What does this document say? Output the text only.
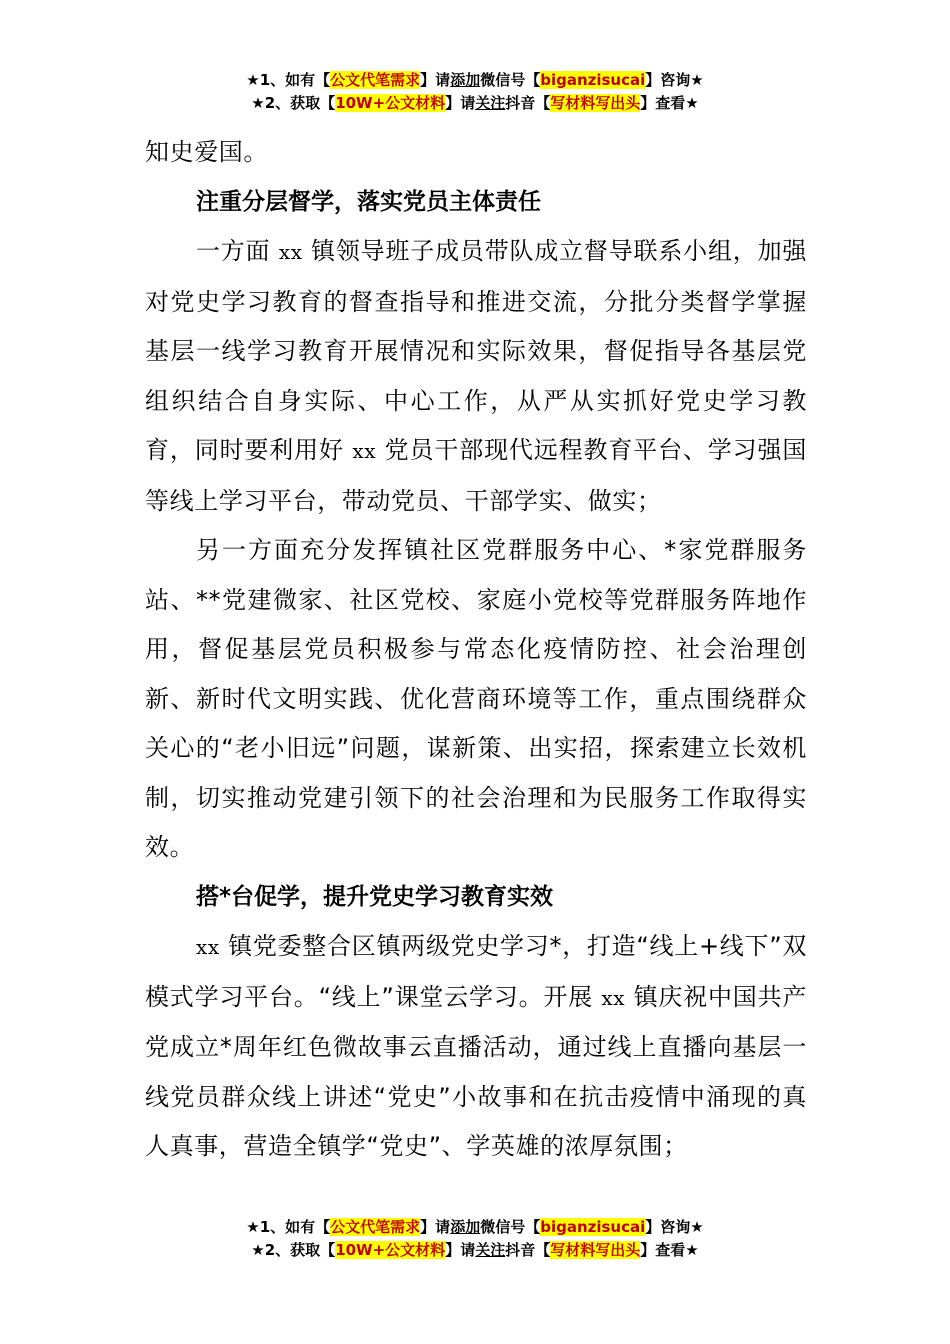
★1、如有【公文代笔需求】请添加微信号【biganzisucai】咨询★
★2、获取【10W+公文材料】请关注抖音【写材料写出头】查看★

知史爱国。

注重分层督学，落实党员主体责任

一方面 xx 镇领导班子成员带队成立督导联系小组，加强对党史学习教育的督查指导和推进交流，分批分类督学掌握基层一线学习教育开展情况和实际效果，督促指导各基层党组织结合自身实际、中心工作，从严从实抓好党史学习教育，同时要利用好 xx 党员干部现代远程教育平台、学习强国等线上学习平台，带动党员、干部学实、做实；

另一方面充分发挥镇社区党群服务中心、*家党群服务站、**党建微家、社区党校、家庭小党校等党群服务阵地作用，督促基层党员积极参与常态化疫情防控、社会治理创新、新时代文明实践、优化营商环境等工作，重点围绕群众关心的“老小旧远”问题，谋新策、出实招，探索建立长效机制，切实推动党建引领下的社会治理和为民服务工作取得实效。

搭*台促学，提升党史学习教育实效

xx 镇党委整合区镇两级党史学习*，打造“线上+线下”双模式学习平台。“线上”课堂云学习。开展 xx 镇庆祝中国共产党成立*周年红色微故事云直播活动，通过线上直播向基层一线党员群众线上讲述“党史”小故事和在抗击疫情中涌现的真人真事，营造全镇学“党史”、学英雄的浓厚氛围；

★1、如有【公文代笔需求】请添加微信号【biganzisucai】咨询★
★2、获取【10W+公文材料】请关注抖音【写材料写出头】查看★
